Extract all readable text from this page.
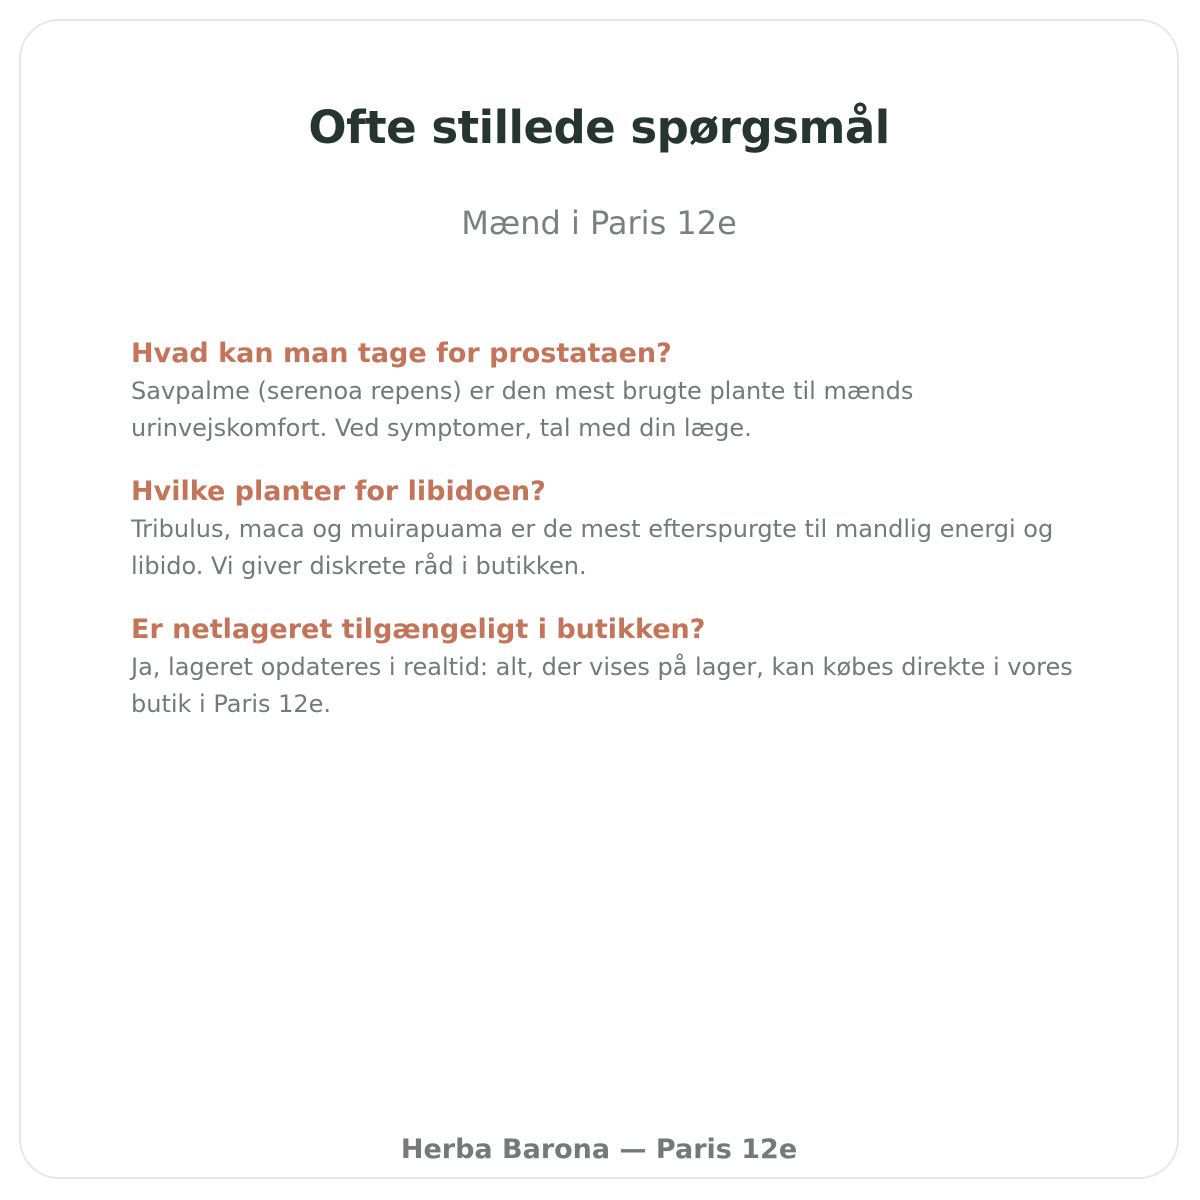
Ofte stillede spørgsmål

Mænd i Paris 12e

Hvad kan man tage for prostataen?

Savpalme (serenoa repens) er den mest brugte plante til mænds urinvejskomfort. Ved symptomer, tal med din læge.

Hvilke planter for libidoen?

Tribulus, maca og muirapuama er de mest efterspurgte til mandlig energi og libido. Vi giver diskrete råd i butikken.

Er netlageret tilgængeligt i butikken?

Ja, lageret opdateres i realtid: alt, der vises på lager, kan købes direkte i vores butik i Paris 12e.

Herba Barona — Paris 12e
